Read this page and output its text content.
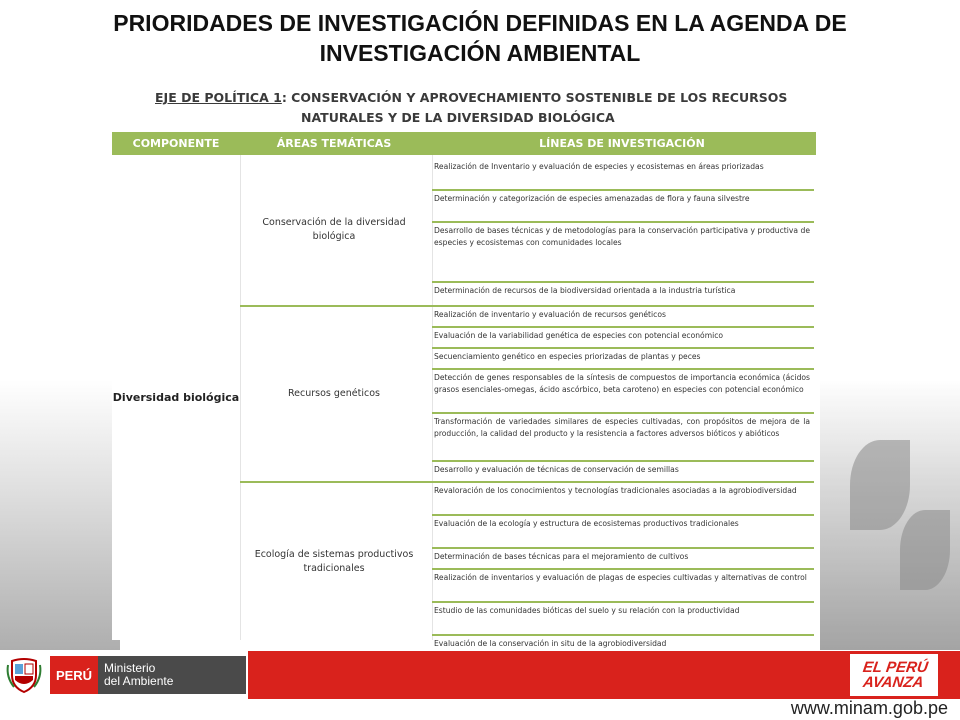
PRIORIDADES DE INVESTIGACIÓN DEFINIDAS EN LA AGENDA DE
INVESTIGACIÓN AMBIENTAL
EJE DE POLÍTICA 1: CONSERVACIÓN Y APROVECHAMIENTO SOSTENIBLE DE LOS RECURSOS
NATURALES Y DE LA DIVERSIDAD BIOLÓGICA
COMPONENTE	ÁREAS TEMÁTICAS	LÍNEAS DE INVESTIGACIÓN
Diversidad biológica
Conservación de la diversidad biológica
Recursos genéticos
Ecología de sistemas productivos tradicionales
Realización de Inventario y evaluación de especies y ecosistemas en áreas priorizadas
Determinación y categorización de especies amenazadas de flora y fauna silvestre
Desarrollo de bases técnicas y de metodologías para la conservación participativa y productiva de especies y ecosistemas con comunidades locales
Determinación de recursos de la biodiversidad orientada a la industria turística
Realización de inventario y evaluación de recursos genéticos
Evaluación de la variabilidad genética de especies con potencial económico
Secuenciamiento genético en especies priorizadas de plantas y peces
Detección de genes responsables de la síntesis de compuestos de importancia económica (ácidos grasos esenciales-omegas, ácido ascórbico, beta caroteno) en especies con potencial económico
Transformación de variedades similares de especies cultivadas, con propósitos de mejora de la producción, la calidad del producto y la resistencia a factores adversos bióticos y abióticos
Desarrollo y evaluación de técnicas de conservación de semillas
Revaloración de los conocimientos y tecnologías tradicionales asociadas a la agrobiodiversidad
Evaluación de la ecología y estructura de ecosistemas productivos tradicionales
Determinación de bases técnicas para el mejoramiento de cultivos
Realización de inventarios y evaluación de plagas de especies cultivadas y alternativas de control
Estudio de las comunidades bióticas del suelo y su relación con la productividad
Evaluación de la conservación in situ de la agrobiodiversidad
PERÚ Ministerio
del Ambiente
EL PERÚ
AVANZA
www.minam.gob.pe
